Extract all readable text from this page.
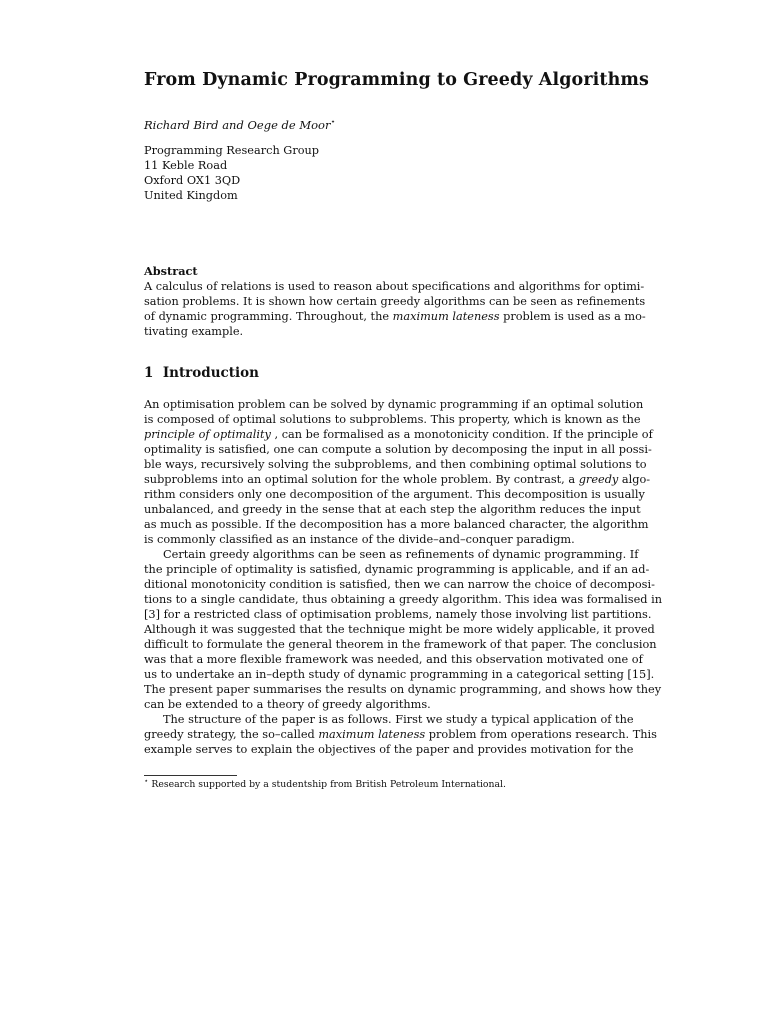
From Dynamic Programming to Greedy Algorithms
Richard Bird and Oege de Moor⋆
Programming Research Group
11 Keble Road
Oxford OX1 3QD
United Kingdom
Abstract

A calculus of relations is used to reason about specifications and algorithms for optimi-
sation problems. It is shown how certain greedy algorithms can be seen as refinements
of dynamic programming. Throughout, the maximum lateness problem is used as a mo-
tivating example.

1 Introduction

An optimisation problem can be solved by dynamic programming if an optimal solution
is composed of optimal solutions to subproblems. This property, which is known as the
principle of optimality , can be formalised as a monotonicity condition. If the principle of
optimality is satisfied, one can compute a solution by decomposing the input in all possi-
ble ways, recursively solving the subproblems, and then combining optimal solutions to
subproblems into an optimal solution for the whole problem. By contrast, a greedy algo-
rithm considers only one decomposition of the argument. This decomposition is usually
unbalanced, and greedy in the sense that at each step the algorithm reduces the input
as much as possible. If the decomposition has a more balanced character, the algorithm
is commonly classified as an instance of the divide–and–conquer paradigm.

Certain greedy algorithms can be seen as refinements of dynamic programming. If
the principle of optimality is satisfied, dynamic programming is applicable, and if an ad-
ditional monotonicity condition is satisfied, then we can narrow the choice of decomposi-
tions to a single candidate, thus obtaining a greedy algorithm. This idea was formalised in
[3] for a restricted class of optimisation problems, namely those involving list partitions.
Although it was suggested that the technique might be more widely applicable, it proved
difficult to formulate the general theorem in the framework of that paper. The conclusion
was that a more flexible framework was needed, and this observation motivated one of
us to undertake an in–depth study of dynamic programming in a categorical setting [15].
The present paper summarises the results on dynamic programming, and shows how they
can be extended to a theory of greedy algorithms.

The structure of the paper is as follows. First we study a typical application of the
greedy strategy, the so–called maximum lateness problem from operations research. This
example serves to explain the objectives of the paper and provides motivation for the

⋆ Research supported by a studentship from British Petroleum International.
